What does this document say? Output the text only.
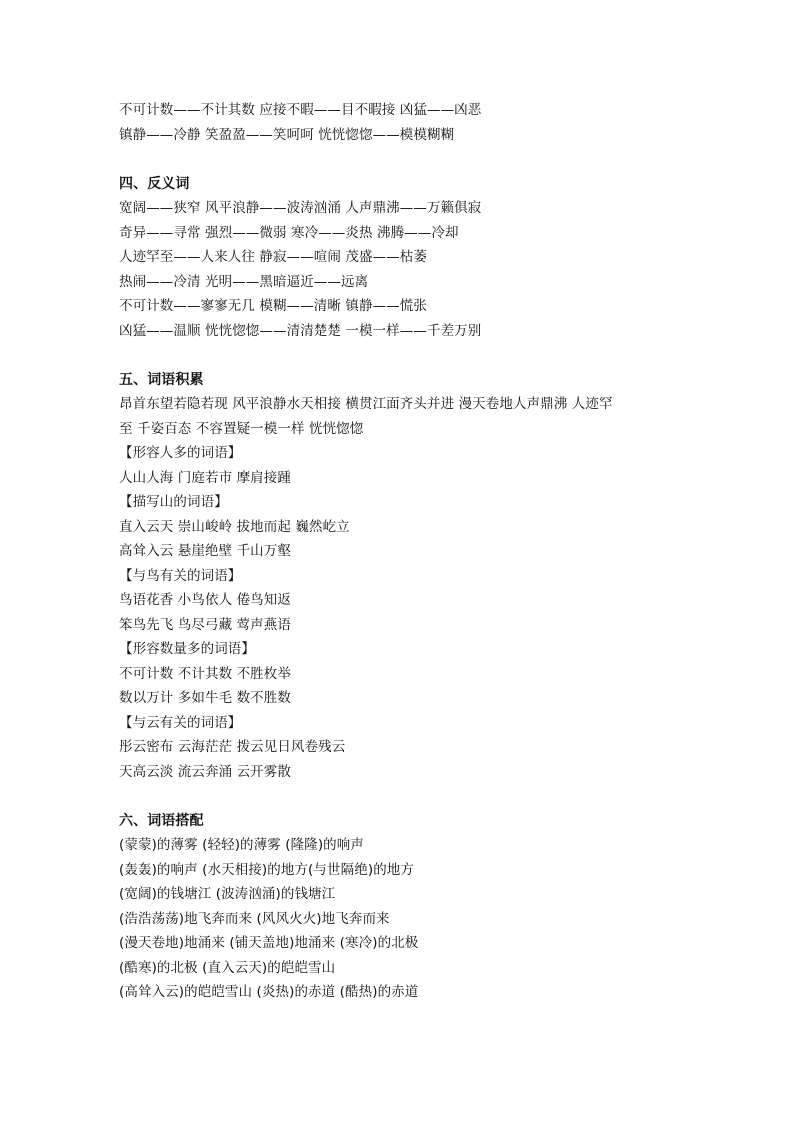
不可计数——不计其数 应接不暇——目不暇接 凶猛——凶恶
镇静——冷静 笑盈盈——笑呵呵 恍恍惚惚——模模糊糊
四、反义词
宽阔——狭窄 风平浪静——波涛汹涌 人声鼎沸——万籁俱寂
奇异——寻常 强烈——微弱 寒冷——炎热 沸腾——冷却
人迹罕至——人来人往 静寂——喧闹 茂盛——枯萎
热闹——冷清 光明——黑暗逼近——远离
不可计数——寥寥无几 模糊——清晰 镇静——慌张
凶猛——温顺 恍恍惚惚——清清楚楚 一模一样——千差万别
五、词语积累
昂首东望若隐若现 风平浪静水天相接 横贯江面齐头并进 漫天卷地人声鼎沸 人迹罕
至 千姿百态 不容置疑一模一样 恍恍惚惚
【形容人多的词语】
人山人海 门庭若市 摩肩接踵
【描写山的词语】
直入云天 崇山峻岭 拔地而起 巍然屹立
高耸入云 悬崖绝壁 千山万壑
【与鸟有关的词语】
鸟语花香 小鸟依人 倦鸟知返
笨鸟先飞 鸟尽弓藏 莺声燕语
【形容数量多的词语】
不可计数 不计其数 不胜枚举
数以万计 多如牛毛 数不胜数
【与云有关的词语】
彤云密布 云海茫茫 拨云见日风卷残云
天高云淡 流云奔涌 云开雾散
六、词语搭配
(蒙蒙)的薄雾 (轻轻)的薄雾 (隆隆)的响声
(轰轰)的响声 (水天相接)的地方(与世隔绝)的地方
(宽阔)的钱塘江 (波涛汹涌)的钱塘江
(浩浩荡荡)地飞奔而来 (风风火火)地飞奔而来
(漫天卷地)地涌来 (铺天盖地)地涌来 (寒冷)的北极
(酷寒)的北极 (直入云天)的皑皑雪山
(高耸入云)的皑皑雪山 (炎热)的赤道 (酷热)的赤道
